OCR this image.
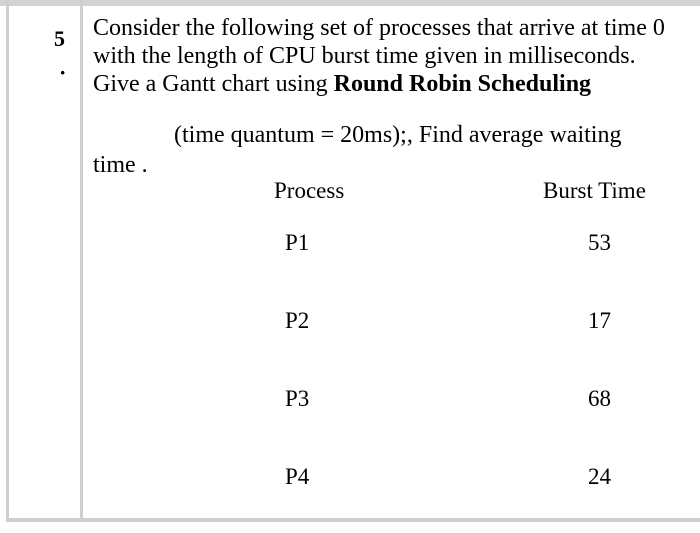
5
·
Consider the following set of processes that arrive at time 0
with the length of CPU burst time given in milliseconds.
Give a Gantt chart using Round Robin Scheduling
(time quantum = 20ms);, Find average waiting
time .
Process	Burst Time
P1	53
P2	17
P3	68
P4	24
